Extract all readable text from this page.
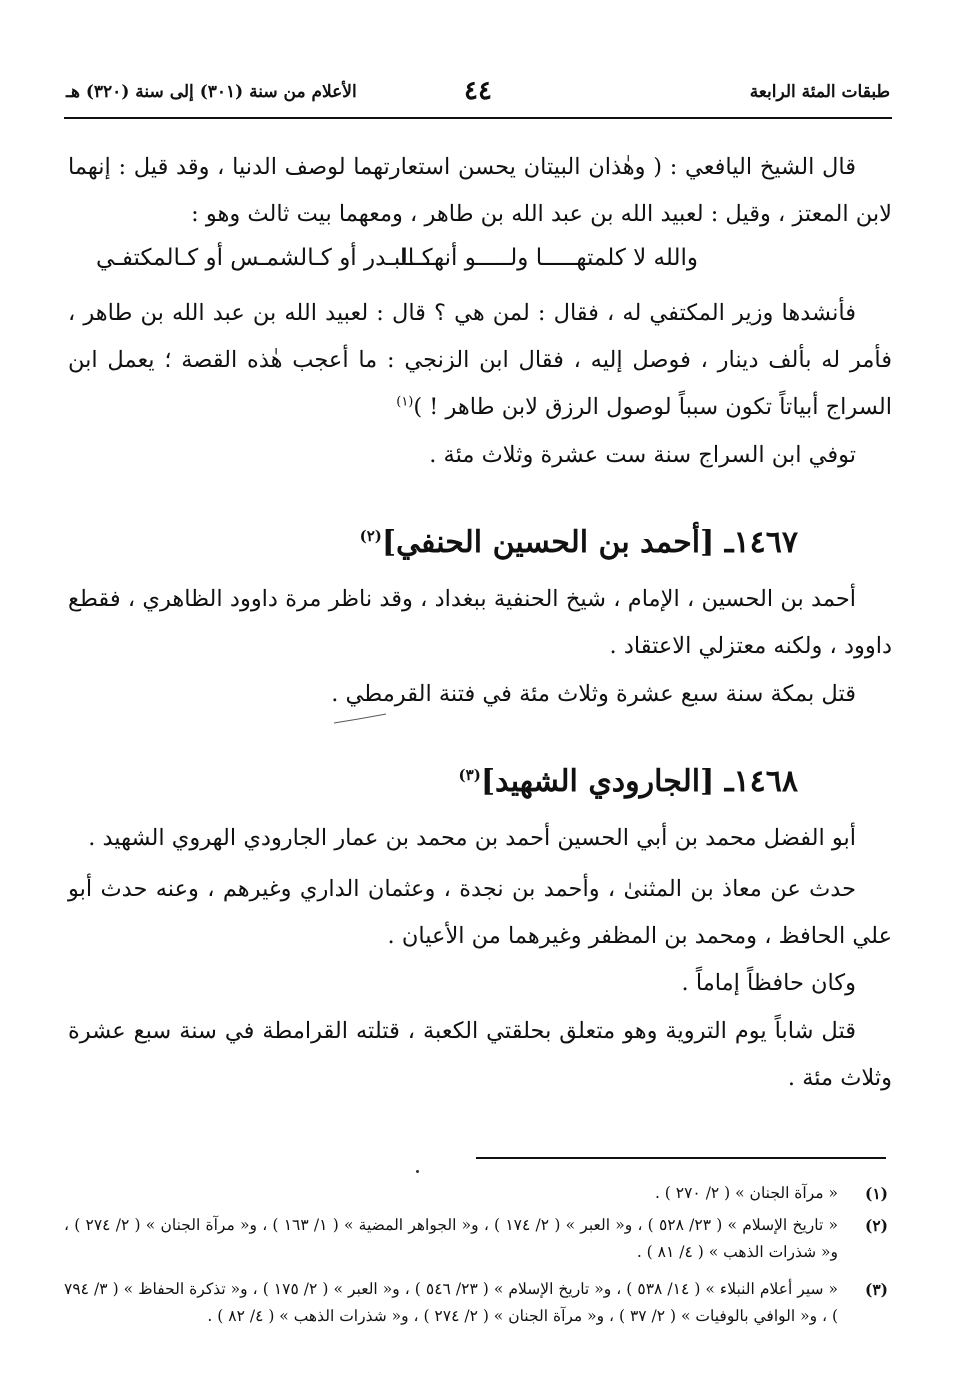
طبقات المئة الرابعة
٤٤
الأعلام من سنة (٣٠١) إلى سنة (٣٢٠) هـ
قال الشيخ اليافعي : ( وهٰذان البيتان يحسن استعارتهما لوصف الدنيا ، وقد قيل : إنهما لابن المعتز ، وقيل : لعبيد الله بن عبد الله بن طاهر ، ومعهما بيت ثالث وهو :
والله لا كلمتهـــــا ولـــــو أنهــــا
كـالبـدر أو كـالشمـس أو كـالمكتفـي
فأنشدها وزير المكتفي له ، فقال : لمن هي ؟ قال : لعبيد الله بن عبد الله بن طاهر ، فأمر له بألف دينار ، فوصل إليه ، فقال ابن الزنجي : ما أعجب هٰذه القصة ؛ يعمل ابن السراج أبياتاً تكون سبباً لوصول الرزق لابن طاهر ! )$^{(١)}$
توفي ابن السراج سنة ست عشرة وثلاث مئة .
١٤٦٧ـ [أحمد بن الحسين الحنفي]$^{(٢)}$
أحمد بن الحسين ، الإمام ، شيخ الحنفية ببغداد ، وقد ناظر مرة داوود الظاهري ، فقطع داوود ، ولكنه معتزلي الاعتقاد .
قتل بمكة سنة سبع عشرة وثلاث مئة في فتنة القرمطي .
١٤٦٨ـ [الجارودي الشهيد]$^{(٣)}$
أبو الفضل محمد بن أبي الحسين أحمد بن محمد بن عمار الجارودي الهروي الشهيد .
حدث عن معاذ بن المثنىٰ ، وأحمد بن نجدة ، وعثمان الداري وغيرهم ، وعنه حدث أبو علي الحافظ ، ومحمد بن المظفر وغيرهما من الأعيان .
وكان حافظاً إماماً .
قتل شاباً يوم التروية وهو متعلق بحلقتي الكعبة ، قتلته القرامطة في سنة سبع عشرة وثلاث مئة .
(١)
« مرآة الجنان » ( ٢/ ٢٧٠ ) .
(٢)
« تاريخ الإسلام » ( ٢٣/ ٥٢٨ ) ، و« العبر » ( ٢/ ١٧٤ ) ، و« الجواهر المضية » ( ١/ ١٦٣ ) ، و« مرآة الجنان » ( ٢/ ٢٧٤ ) ، و« شذرات الذهب » ( ٤/ ٨١ ) .
(٣)
« سير أعلام النبلاء » ( ١٤/ ٥٣٨ ) ، و« تاريخ الإسلام » ( ٢٣/ ٥٤٦ ) ، و« العبر » ( ٢/ ١٧٥ ) ، و« تذكرة الحفاظ » ( ٣/ ٧٩٤ ) ، و« الوافي بالوفيات » ( ٢/ ٣٧ ) ، و« مرآة الجنان » ( ٢/ ٢٧٤ ) ، و« شذرات الذهب » ( ٤/ ٨٢ ) .
